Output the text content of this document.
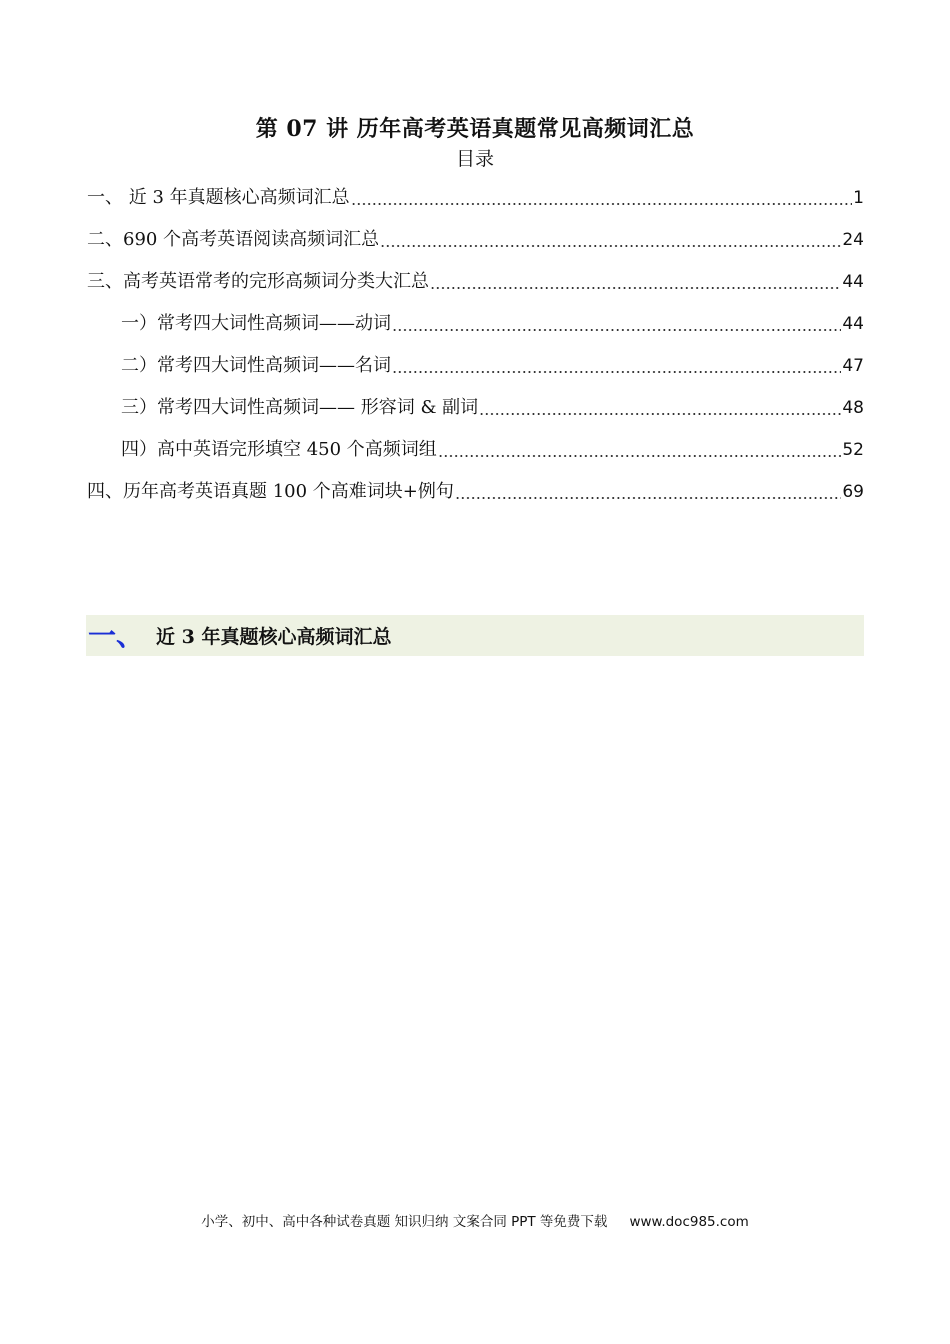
第 07 讲 历年高考英语真题常见高频词汇总
目录
一、 近 3 年真题核心高频词汇总	1
二、690 个高考英语阅读高频词汇总	24
三、高考英语常考的完形高频词分类大汇总	44
一）常考四大词性高频词——动词	44
二）常考四大词性高频词——名词	47
三）常考四大词性高频词—— 形容词 & 副词	48
四）高中英语完形填空 450 个高频词组	52
四、历年高考英语真题 100 个高难词块+例句	69
一、 近 3 年真题核心高频词汇总
小学、初中、高中各种试卷真题 知识归纳 文案合同 PPT 等免费下载 www.doc985.com
